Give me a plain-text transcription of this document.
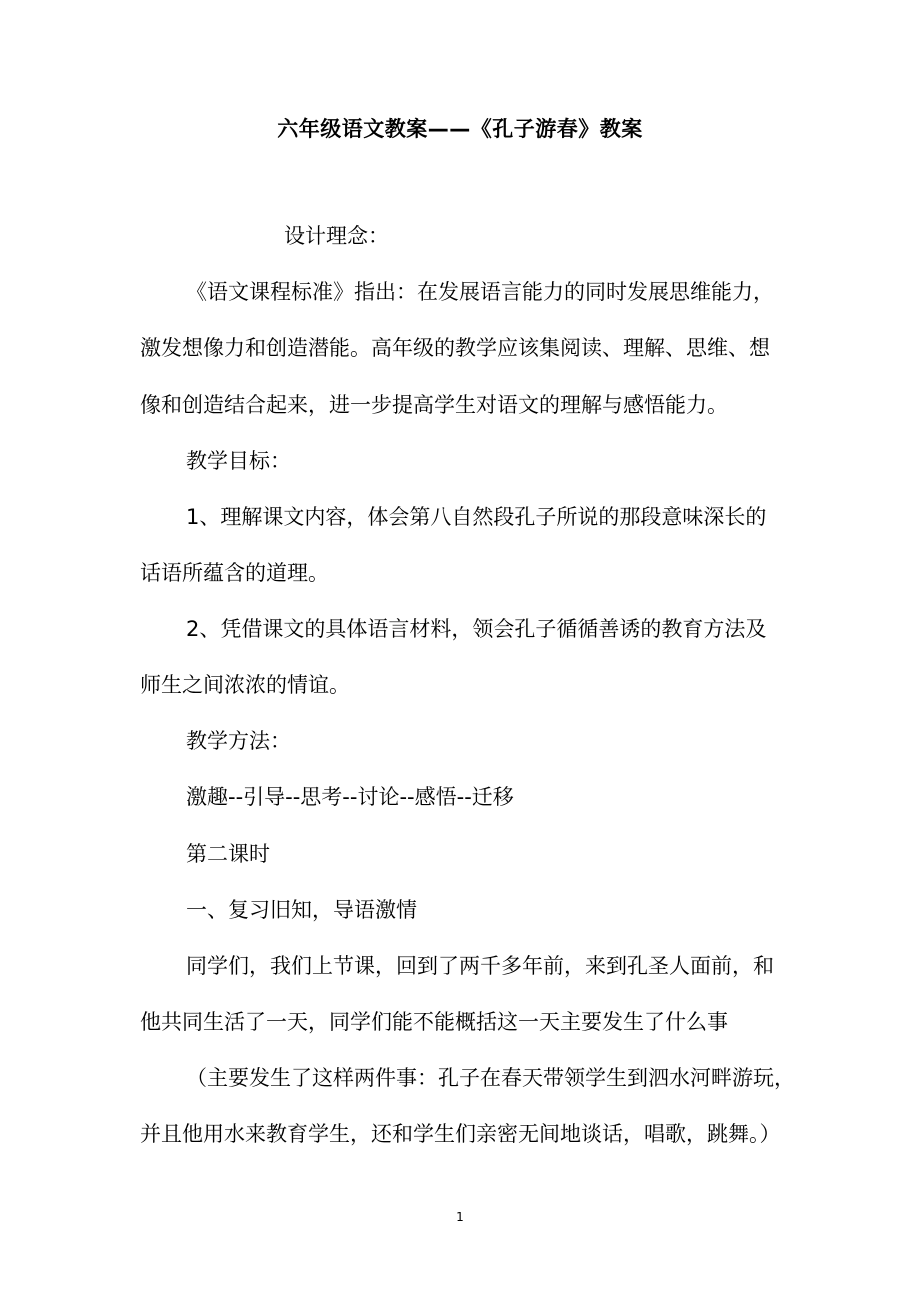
六年级语文教案——《孔子游春》教案
设计理念：
《语文课程标准》指出：在发展语言能力的同时发展思维能力，
激发想像力和创造潜能。高年级的教学应该集阅读、理解、思维、想
像和创造结合起来，进一步提高学生对语文的理解与感悟能力。
教学目标：
1、理解课文内容，体会第八自然段孔子所说的那段意味深长的
话语所蕴含的道理。
2、凭借课文的具体语言材料，领会孔子循循善诱的教育方法及
师生之间浓浓的情谊。
教学方法：
激趣--引导--思考--讨论--感悟--迁移
第二课时
一、复习旧知，导语激情
同学们，我们上节课，回到了两千多年前，来到孔圣人面前，和
他共同生活了一天，同学们能不能概括这一天主要发生了什么事
（主要发生了这样两件事：孔子在春天带领学生到泗水河畔游玩，
并且他用水来教育学生，还和学生们亲密无间地谈话，唱歌，跳舞。）
1
